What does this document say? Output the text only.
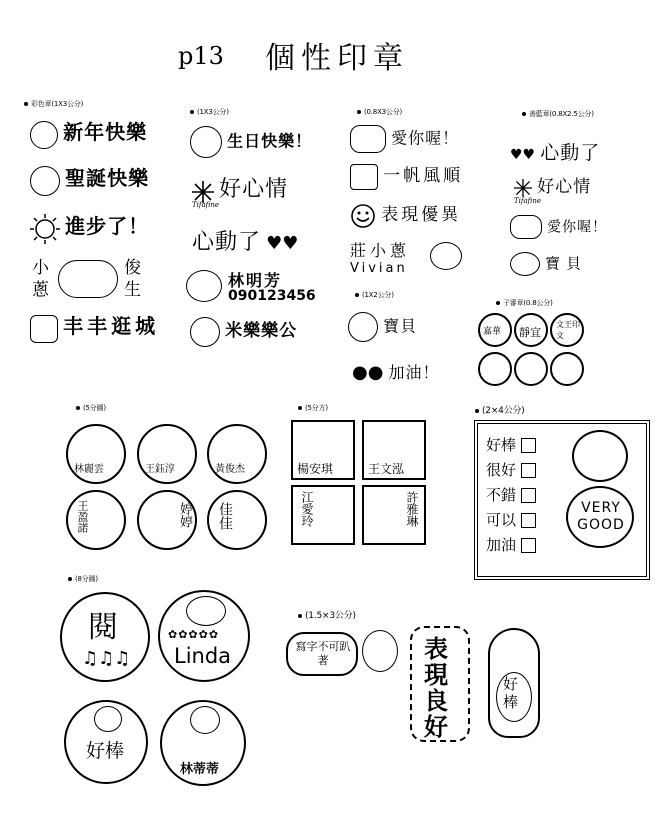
p13 個性印章
彩色章(1X3公分)
新年快樂
聖誕快樂
進步了！
小
蔥
俊
生
丰丰逛城
(1X3公分)
生日快樂！
好心情
Tifafine
心動了 ♥♥
林明芳
090123456
米樂樂公
(0.8X3公分)
愛你喔！
一帆風順
表現優異
莊小蔥
Vivian
(1X2公分)
寶貝
●● 加油！
善藍章(0.8X2.5公分)
♥♥ 心動了
好心情
Tifafine
愛你喔！
寶貝
子審章(0.8公分)
嘉華 靜宜
文王印文
(5分圓)
林麗雲	王鈺淳	黃俊杰
王盈諾	婷婷 佳佳
(5分方)
楊安琪	王文泓
江愛玲	許雅琳
(2×4公分)
好棒
很好
不錯
可以
加油
VERY GOOD
(8分圓)
閱
♫♫♫
✿✿✿✿✿
Linda
好棒
林蒂蒂
(1.5×3公分)
寫字不可趴著	表現良好
好棒
